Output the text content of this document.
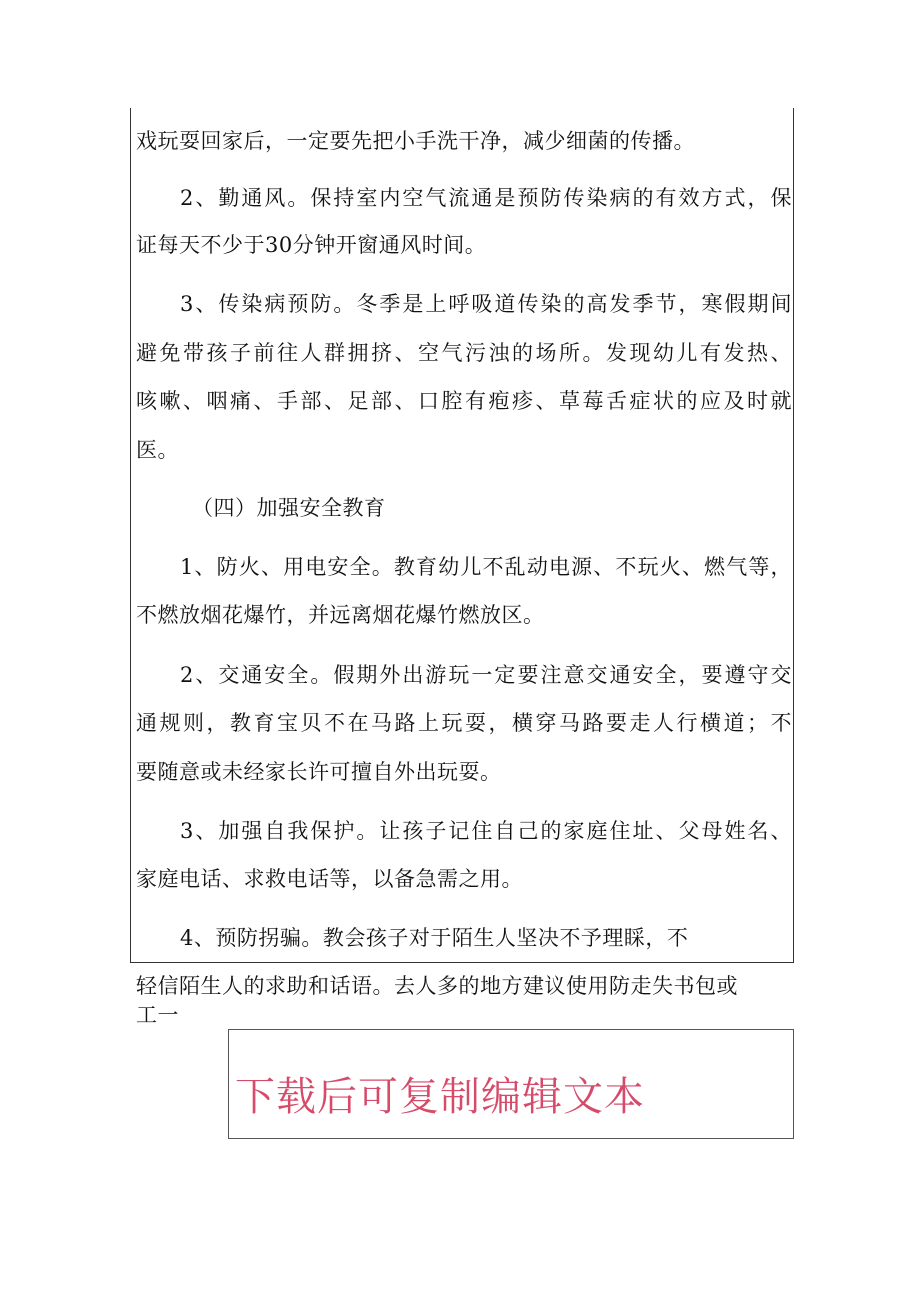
戏玩耍回家后，一定要先把小手洗干净，减少细菌的传播。
2、勤通风。保持室内空气流通是预防传染病的有效方式，保
证每天不少于30分钟开窗通风时间。
3、传染病预防。冬季是上呼吸道传染的高发季节，寒假期间
避免带孩子前往人群拥挤、空气污浊的场所。发现幼儿有发热、
咳嗽、咽痛、手部、足部、口腔有疱疹、草莓舌症状的应及时就
医。
（四）加强安全教育
1、防火、用电安全。教育幼儿不乱动电源、不玩火、燃气等，
不燃放烟花爆竹，并远离烟花爆竹燃放区。
2、交通安全。假期外出游玩一定要注意交通安全，要遵守交
通规则，教育宝贝不在马路上玩耍，横穿马路要走人行横道；不
要随意或未经家长许可擅自外出玩耍。
3、加强自我保护。让孩子记住自己的家庭住址、父母姓名、
家庭电话、求救电话等，以备急需之用。
4、预防拐骗。教会孩子对于陌生人坚决不予理睬，不
轻信陌生人的求助和话语。去人多的地方建议使用防走失书包或
工一
下载后可复制编辑文本
